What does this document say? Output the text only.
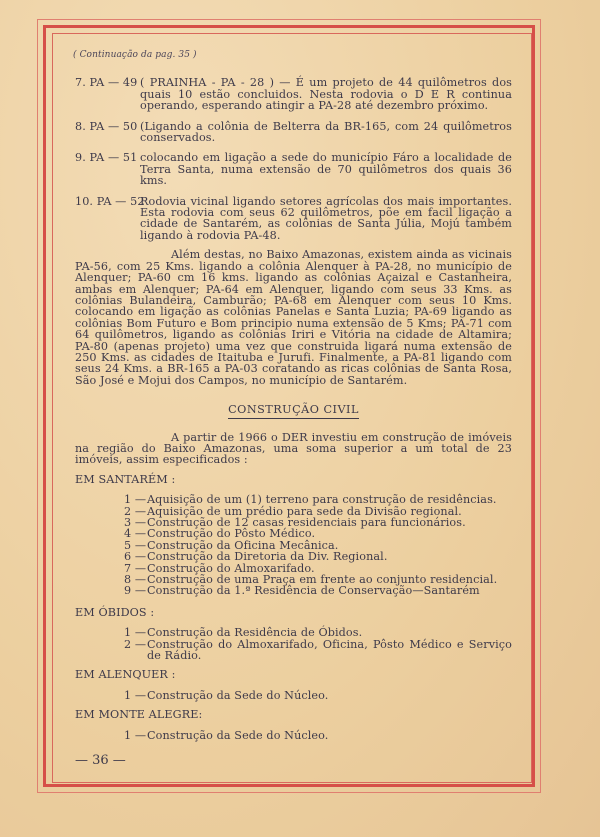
( Continuação da pag. 35 )
7. PA — 49 ( PRAINHA - PA - 28 ) — É um projeto de 44 quilômetros dos quais 10 estão concluidos. Nesta rodovia o D E R continua operando, esperando atingir a PA-28 até dezembro próximo.
8. PA — 50 (Ligando a colônia de Belterra da BR-165, com 24 quilômetros conservados.
9. PA — 51 colocando em ligação a sede do município Fáro a localidade de Terra Santa, numa extensão de 70 quilômetros dos quais 36 kms.
10. PA — 52
Rodovia vicinal ligando setores agrícolas dos mais importantes. Esta rodovia com seus 62 quilômetros, põe em facil ligação a cidade de Santarém, as colônias de Santa Júlia, Mojú também ligando à rodovia PA-48.
Além destas, no Baixo Amazonas, existem ainda as vicinais PA-56, com 25 Kms. ligando a colônia Alenquer à PA-28, no município de Alenquer; PA-60 cm 16 kms. ligando as colônias Açaizal e Castanheira, ambas em Alenquer; PA-64 em Alenquer, ligando com seus 33 Kms. as colônias Bulandeira, Camburão; PA-68 em Alenquer com seus 10 Kms. colocando em ligação as colônias Panelas e Santa Luzia; PA-69 ligando as colônias Bom Futuro e Bom principio numa extensão de 5 Kms; PA-71 com 64 quilômetros, ligando as colônias Iriri e Vitória na cidade de Altamira; PA-80 (apenas projeto) uma vez que construida ligará numa extensão de 250 Kms. as cidades de Itaituba e Jurufi. Finalmente, a PA-81 ligando com seus 24 Kms. a BR-165 a PA-03 coratando as ricas colônias de Santa Rosa, São José e Mojui dos Campos, no município de Santarém.
CONSTRUÇÃO CIVIL
A partir de 1966 o DER investiu em construção de imóveis na região do Baixo Amazonas, uma soma superior a um total de 23 imóveis, assim especificados :
EM SANTARÉM :
1 — Aquisição de um (1) terreno para construção de residências.
2 — Aquisição de um prédio para sede da Divisão regional.
3 — Construção de 12 casas residenciais para funcionários.
4 — Construção do Pôsto Médico.
5 — Construção da Oficina Mecânica.
6 — Construção da Diretoria da Div. Regional.
7 — Construção do Almoxarifado.
8 — Construção de uma Praça em frente ao conjunto residencial.
9 — Construção da 1.ª Residência de Conservação—Santarém
EM ÓBIDOS :
1 — Construção da Residência de Óbidos.
2 — Construção do Almoxarifado, Oficina, Pôsto Médico e Serviço de Rádio.
EM ALENQUER :
1 — Construção da Sede do Núcleo.
EM MONTE ALEGRE:
1 — Construção da Sede do Núcleo.
— 36 —
